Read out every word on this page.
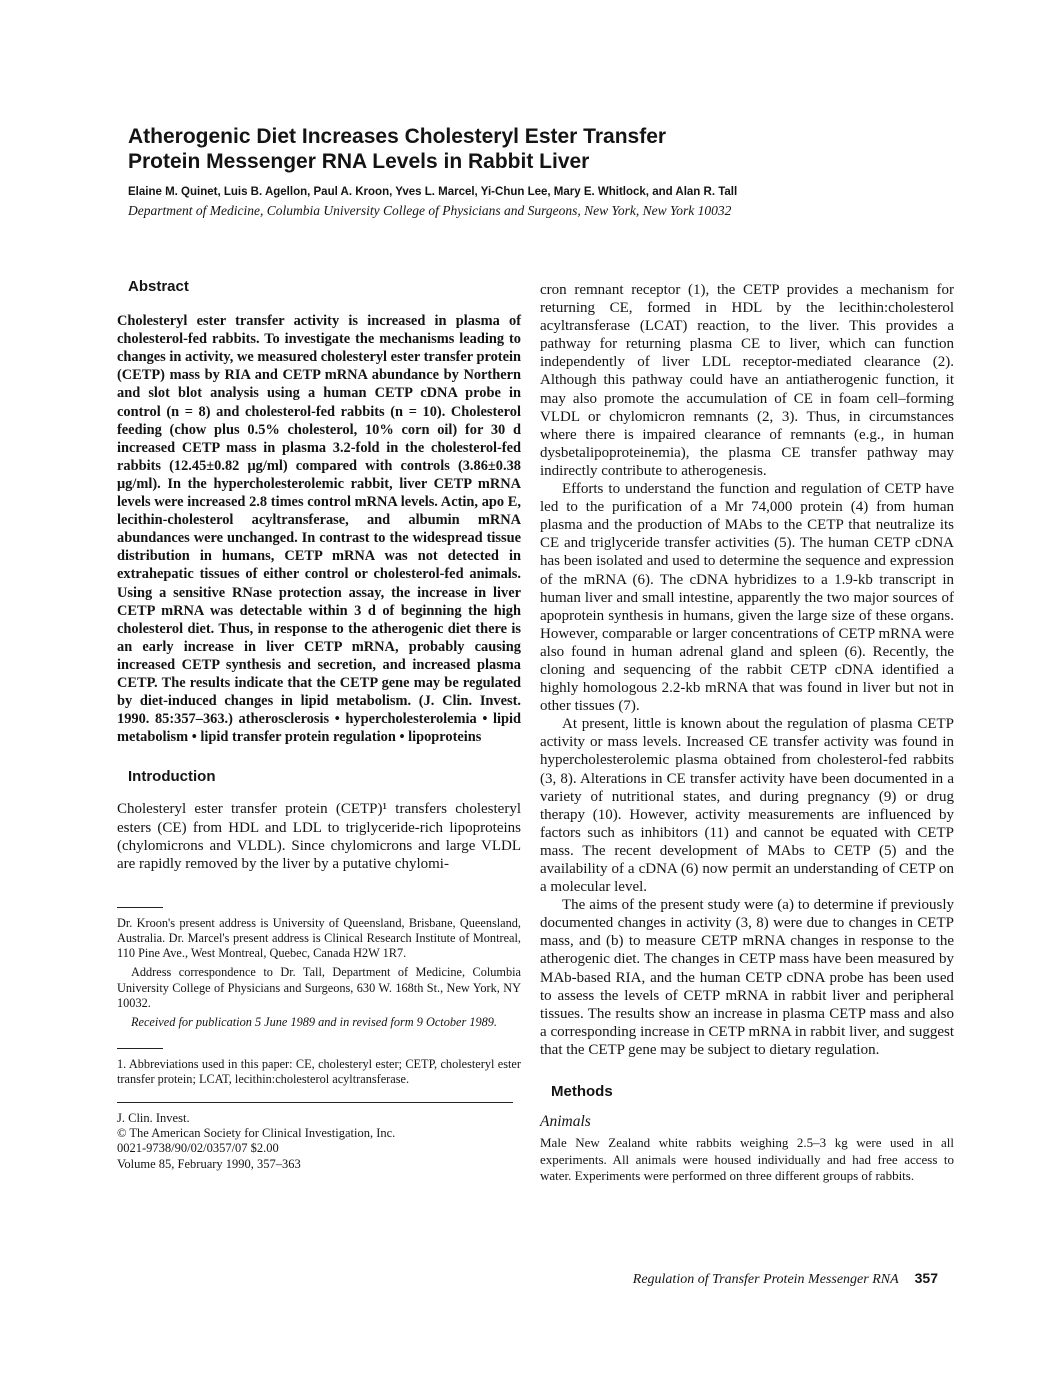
Atherogenic Diet Increases Cholesteryl Ester Transfer
Protein Messenger RNA Levels in Rabbit Liver
Elaine M. Quinet, Luis B. Agellon, Paul A. Kroon, Yves L. Marcel, Yi-Chun Lee, Mary E. Whitlock, and Alan R. Tall
Department of Medicine, Columbia University College of Physicians and Surgeons, New York, New York 10032
Abstract

Cholesteryl ester transfer activity is increased in plasma of cholesterol-fed rabbits. To investigate the mechanisms leading to changes in activity, we measured cholesteryl ester transfer protein (CETP) mass by RIA and CETP mRNA abundance by Northern and slot blot analysis using a human CETP cDNA probe in control (n = 8) and cholesterol-fed rabbits (n = 10). Cholesterol feeding (chow plus 0.5% cholesterol, 10% corn oil) for 30 d increased CETP mass in plasma 3.2-fold in the cholesterol-fed rabbits (12.45±0.82 μg/ml) compared with controls (3.86±0.38 μg/ml). In the hypercholesterolemic rabbit, liver CETP mRNA levels were increased 2.8 times control mRNA levels. Actin, apo E, lecithin-cholesterol acyltransferase, and albumin mRNA abundances were unchanged. In contrast to the widespread tissue distribution in humans, CETP mRNA was not detected in extrahepatic tissues of either control or cholesterol-fed animals. Using a sensitive RNase protection assay, the increase in liver CETP mRNA was detectable within 3 d of beginning the high cholesterol diet. Thus, in response to the atherogenic diet there is an early increase in liver CETP mRNA, probably causing increased CETP synthesis and secretion, and increased plasma CETP. The results indicate that the CETP gene may be regulated by diet-induced changes in lipid metabolism. (J. Clin. Invest. 1990. 85:357–363.) atherosclerosis • hypercholesterolemia • lipid metabolism • lipid transfer protein regulation • lipoproteins

Introduction

Cholesteryl ester transfer protein (CETP)¹ transfers cholesteryl esters (CE) from HDL and LDL to triglyceride-rich lipoproteins (chylomicrons and VLDL). Since chylomicrons and large VLDL are rapidly removed by the liver by a putative chylomi-

Dr. Kroon's present address is University of Queensland, Brisbane, Queensland, Australia. Dr. Marcel's present address is Clinical Research Institute of Montreal, 110 Pine Ave., West Montreal, Quebec, Canada H2W 1R7.

Address correspondence to Dr. Tall, Department of Medicine, Columbia University College of Physicians and Surgeons, 630 W. 168th St., New York, NY 10032.

Received for publication 5 June 1989 and in revised form 9 October 1989.

1. Abbreviations used in this paper: CE, cholesteryl ester; CETP, cholesteryl ester transfer protein; LCAT, lecithin:cholesterol acyltransferase.

J. Clin. Invest.
© The American Society for Clinical Investigation, Inc.
0021-9738/90/02/0357/07 $2.00
Volume 85, February 1990, 357–363

cron remnant receptor (1), the CETP provides a mechanism for returning CE, formed in HDL by the lecithin:cholesterol acyltransferase (LCAT) reaction, to the liver. This provides a pathway for returning plasma CE to liver, which can function independently of liver LDL receptor-mediated clearance (2). Although this pathway could have an antiatherogenic function, it may also promote the accumulation of CE in foam cell–forming VLDL or chylomicron remnants (2, 3). Thus, in circumstances where there is impaired clearance of remnants (e.g., in human dysbetalipoproteinemia), the plasma CE transfer pathway may indirectly contribute to atherogenesis.

Efforts to understand the function and regulation of CETP have led to the purification of a Mr 74,000 protein (4) from human plasma and the production of MAbs to the CETP that neutralize its CE and triglyceride transfer activities (5). The human CETP cDNA has been isolated and used to determine the sequence and expression of the mRNA (6). The cDNA hybridizes to a 1.9-kb transcript in human liver and small intestine, apparently the two major sources of apoprotein synthesis in humans, given the large size of these organs. However, comparable or larger concentrations of CETP mRNA were also found in human adrenal gland and spleen (6). Recently, the cloning and sequencing of the rabbit CETP cDNA identified a highly homologous 2.2-kb mRNA that was found in liver but not in other tissues (7).

At present, little is known about the regulation of plasma CETP activity or mass levels. Increased CE transfer activity was found in hypercholesterolemic plasma obtained from cholesterol-fed rabbits (3, 8). Alterations in CE transfer activity have been documented in a variety of nutritional states, and during pregnancy (9) or drug therapy (10). However, activity measurements are influenced by factors such as inhibitors (11) and cannot be equated with CETP mass. The recent development of MAbs to CETP (5) and the availability of a cDNA (6) now permit an understanding of CETP on a molecular level.

The aims of the present study were (a) to determine if previously documented changes in activity (3, 8) were due to changes in CETP mass, and (b) to measure CETP mRNA changes in response to the atherogenic diet. The changes in CETP mass have been measured by MAb-based RIA, and the human CETP cDNA probe has been used to assess the levels of CETP mRNA in rabbit liver and peripheral tissues. The results show an increase in plasma CETP mass and also a corresponding increase in CETP mRNA in rabbit liver, and suggest that the CETP gene may be subject to dietary regulation.

Methods
Animals

Male New Zealand white rabbits weighing 2.5–3 kg were used in all experiments. All animals were housed individually and had free access to water. Experiments were performed on three different groups of rabbits.

Regulation of Transfer Protein Messenger RNA 357
